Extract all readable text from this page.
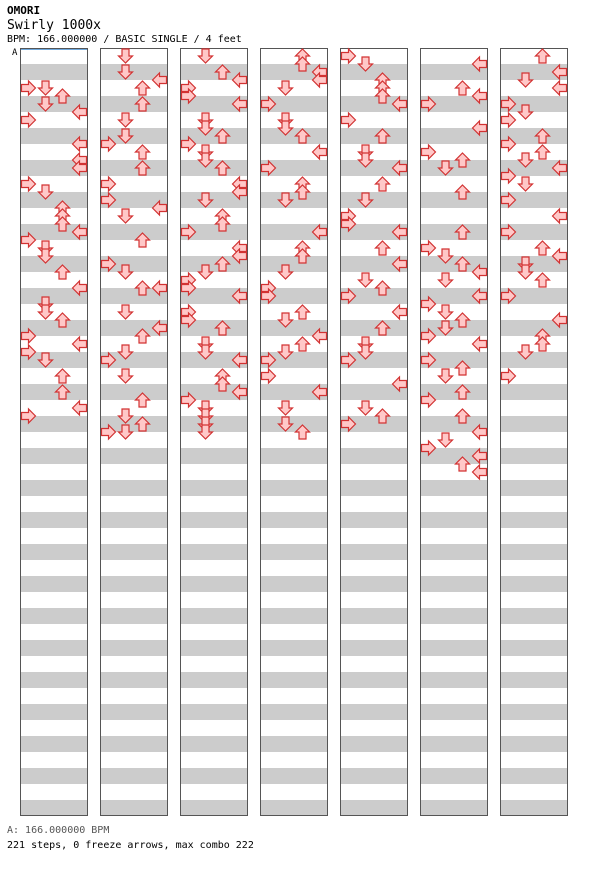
OMORI
Swirly 1000x
BPM: 166.000000 / BASIC SINGLE / 4 feet
A
A: 166.000000 BPM
221 steps, 0 freeze arrows, max combo 222
